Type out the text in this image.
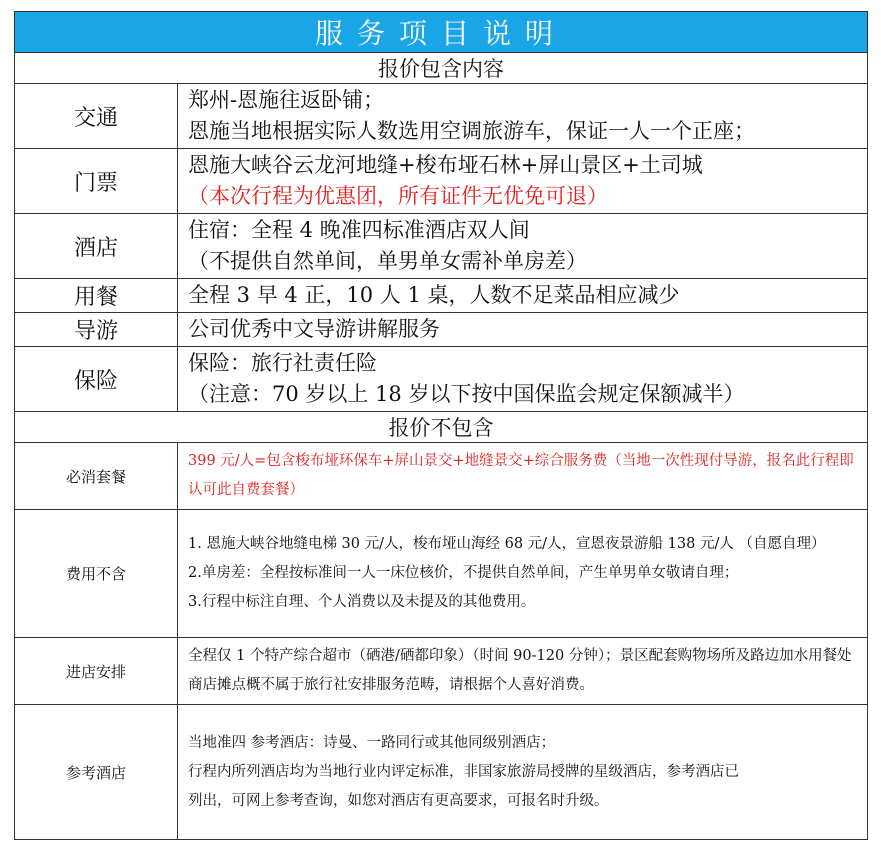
服务项目说明	
报价包含内容	
交通	郑州-恩施往返卧铺；
恩施当地根据实际人数选用空调旅游车，保证一人一个正座；

门票	恩施大峡谷云龙河地缝+梭布垭石林+屏山景区+土司城
（本次行程为优惠团，所有证件无优免可退）

酒店	住宿：全程 4 晚准四标准酒店双人间
（不提供自然单间，单男单女需补单房差）

用餐	全程 3 早 4 正，10 人 1 桌，人数不足菜品相应减少

导游	公司优秀中文导游讲解服务

保险	保险：旅行社责任险
（注意：70 岁以上 18 岁以下按中国保监会规定保额减半）

报价不包含	
必消套餐	399 元/人=包含梭布垭环保车+屏山景交+地缝景交+综合服务费（当地一次性现付导游，报名此行程即认可此自费套餐）

费用不含	1. 恩施大峡谷地缝电梯 30 元/人，梭布垭山海经 68 元/人，宣恩夜景游船 138 元/人 （自愿自理）
2.单房差：全程按标准间一人一床位核价，不提供自然单间，产生单男单女敬请自理；
3.行程中标注自理、个人消费以及未提及的其他费用。

进店安排	全程仅 1 个特产综合超市（硒港/硒都印象）（时间 90-120 分钟）；景区配套购物场所及路边加水用餐处商店摊点概不属于旅行社安排服务范畴，请根据个人喜好消费。

参考酒店	当地准四 参考酒店：诗曼、一路同行或其他同级别酒店；
行程内所列酒店均为当地行业内评定标准，非国家旅游局授牌的星级酒店，参考酒店已
列出，可网上参考查询，如您对酒店有更高要求，可报名时升级。
